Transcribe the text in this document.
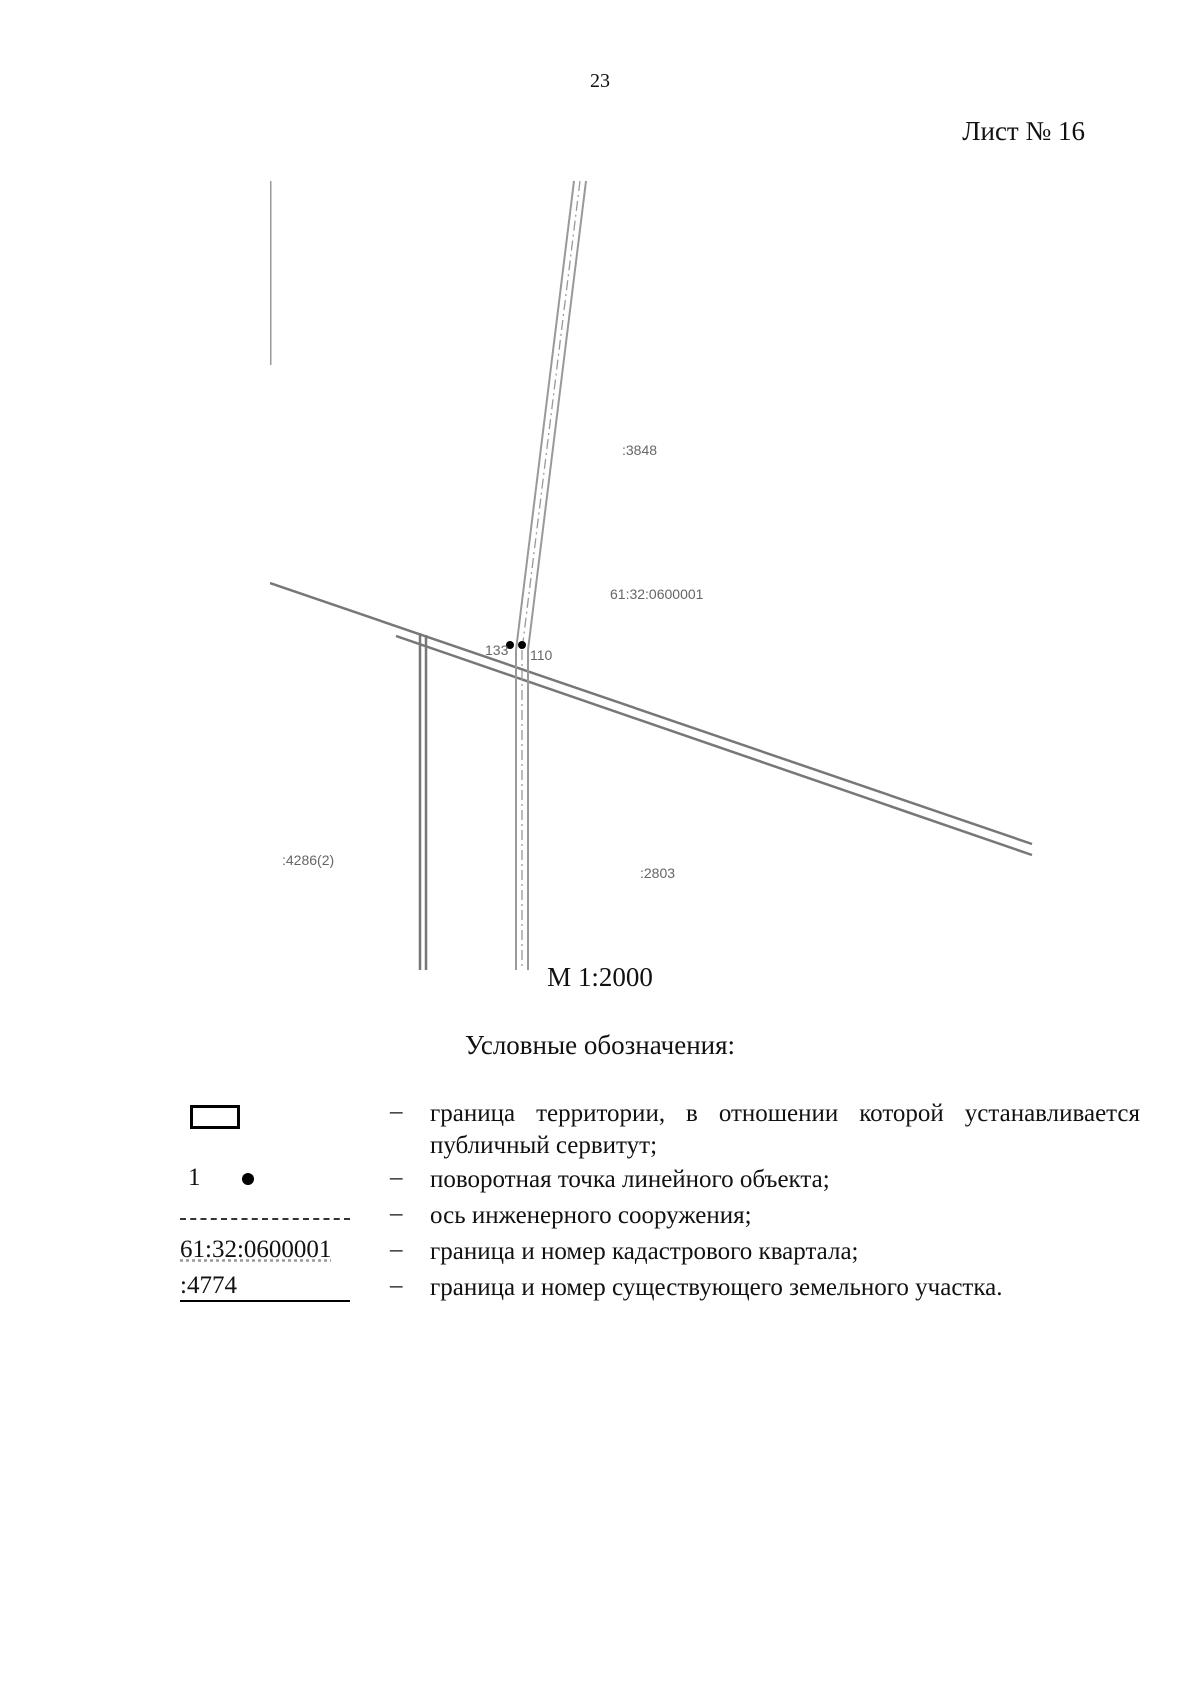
23
Лист № 16
:3848
61:32:0600001
133 110
:4286(2)
:2803
М 1:2000
Условные обозначения:
– граница территории, в отношении которой устанавливается публичный сервитут;
1	– поворотная точка линейного объекта;
– ось инженерного сооружения;
61:32:0600001 – граница и номер кадастрового квартала;
:4774	– граница и номер существующего земельного участка.
